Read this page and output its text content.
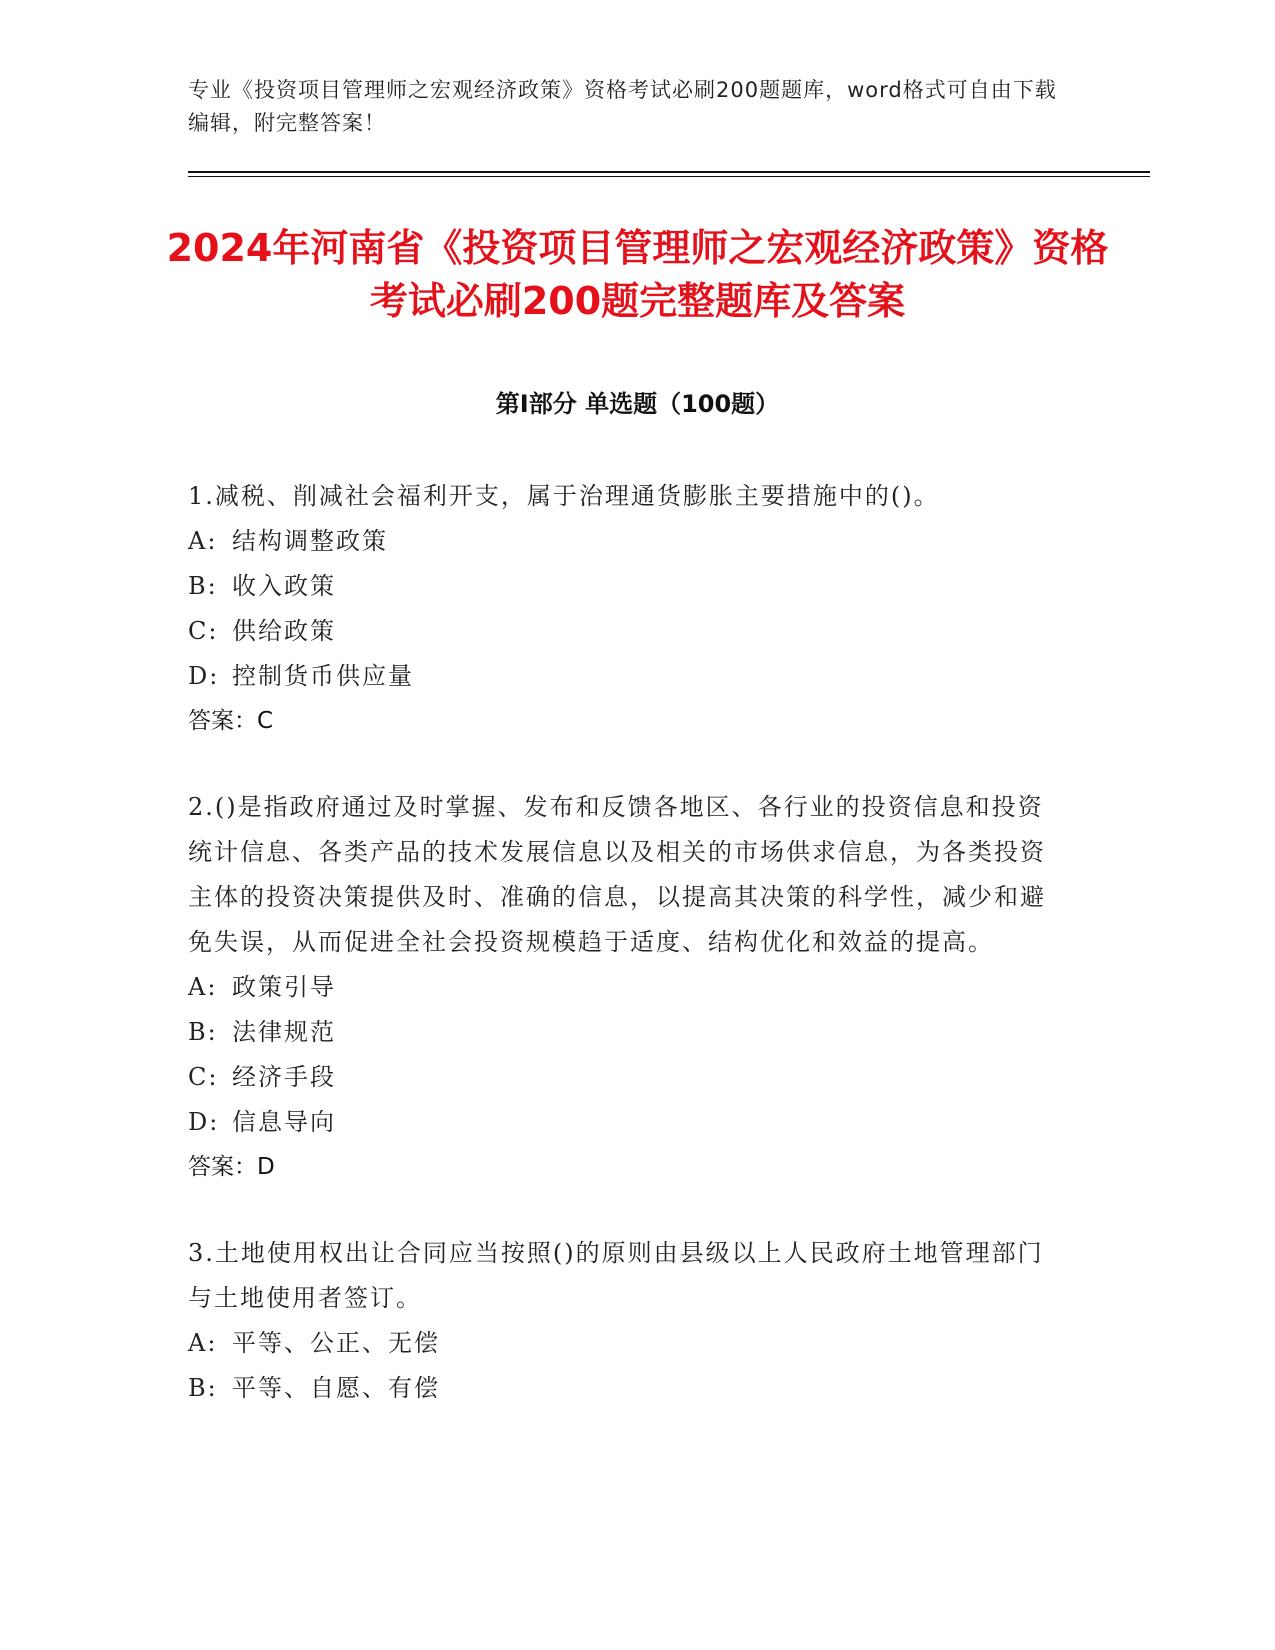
专业《投资项目管理师之宏观经济政策》资格考试必刷200题题库，word格式可自由下载编辑，附完整答案！
2024年河南省《投资项目管理师之宏观经济政策》资格考试必刷200题完整题库及答案
第Ⅰ部分 单选题（100题）

1.减税、削减社会福利开支，属于治理通货膨胀主要措施中的()。

A: 结构调整政策

B: 收入政策

C: 供给政策

D: 控制货币供应量

答案：C

2.()是指政府通过及时掌握、发布和反馈各地区、各行业的投资信息和投资统计信息、各类产品的技术发展信息以及相关的市场供求信息，为各类投资主体的投资决策提供及时、准确的信息，以提高其决策的科学性，减少和避免失误，从而促进全社会投资规模趋于适度、结构优化和效益的提高。

A: 政策引导

B: 法律规范

C: 经济手段

D: 信息导向

答案：D

3.土地使用权出让合同应当按照()的原则由县级以上人民政府土地管理部门与土地使用者签订。

A: 平等、公正、无偿

B: 平等、自愿、有偿
